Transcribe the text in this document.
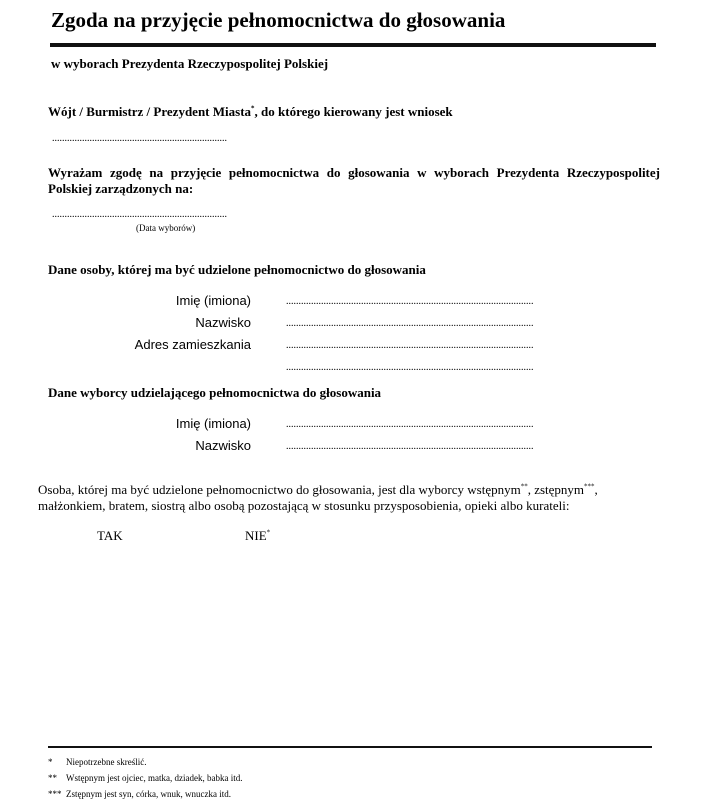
Zgoda na przyjęcie pełnomocnictwa do głosowania
w wyborach Prezydenta Rzeczypospolitej Polskiej
Wójt / Burmistrz / Prezydent Miasta*, do którego kierowany jest wniosek
......................................................................
Wyrażam zgodę na przyjęcie pełnomocnictwa do głosowania w wyborach Prezydenta Rzeczypospolitej Polskiej zarządzonych na:
......................................................................
(Data wyborów)
Dane osoby, której ma być udzielone pełnomocnictwo do głosowania
Imię (imiona)	...................................................................................................
Nazwisko	...................................................................................................
Adres zamieszkania	...................................................................................................
...................................................................................................
Dane wyborcy udzielającego pełnomocnictwa do głosowania
Imię (imiona)	...................................................................................................
Nazwisko	...................................................................................................
Osoba, której ma być udzielone pełnomocnictwo do głosowania, jest dla wyborcy wstępnym**, zstępnym***,
małżonkiem, bratem, siostrą albo osobą pozostającą w stosunku przysposobienia, opieki albo kurateli:
TAK	NIE*
* Niepotrzebne skreślić.
** Wstępnym jest ojciec, matka, dziadek, babka itd.
*** Zstępnym jest syn, córka, wnuk, wnuczka itd.
